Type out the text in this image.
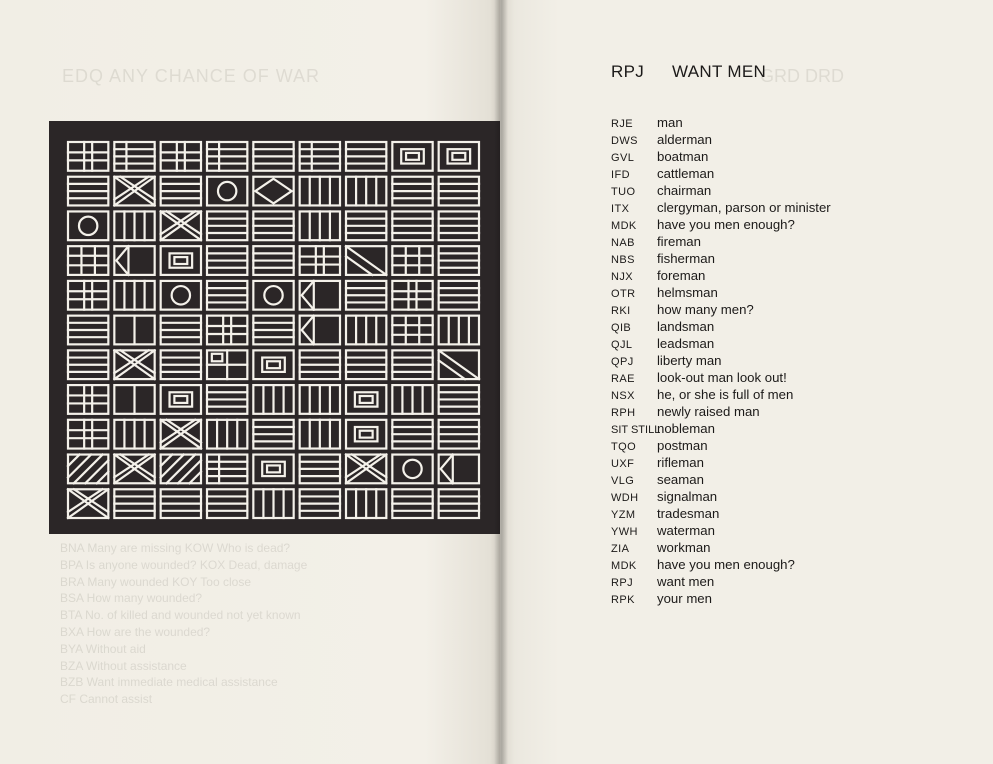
EDQ ANY CHANCE OF WAR
BNA Many are missing KOW Who is dead?
BPA Is anyone wounded? KOX Dead, damage
BRA Many wounded KOY Too close
BSA How many wounded?
BTA No. of killed and wounded not yet known
BXA How are the wounded?
BYA Without aid
BZA Without assistance
BZB Want immediate medical assistance
CF Cannot assist
GRD DRD
RPJ WANT MEN
RJE man
DWS alderman
GVL boatman
IFD cattleman
TUO chairman
ITX clergyman, parson or minister
MDK have you men enough?
NAB fireman
NBS fisherman
NJX foreman
OTR helmsman
RKI how many men?
QIB landsman
QJL leadsman
QPJ liberty man
RAE look-out man look out!
NSX he, or she is full of men
RPH newly raised man
SIT STILLnobleman
TQO postman
UXF rifleman
VLG seaman
WDH signalman
YZM tradesman
YWH waterman
ZIA workman
MDK have you men enough?
RPJ want men
RPK your men
